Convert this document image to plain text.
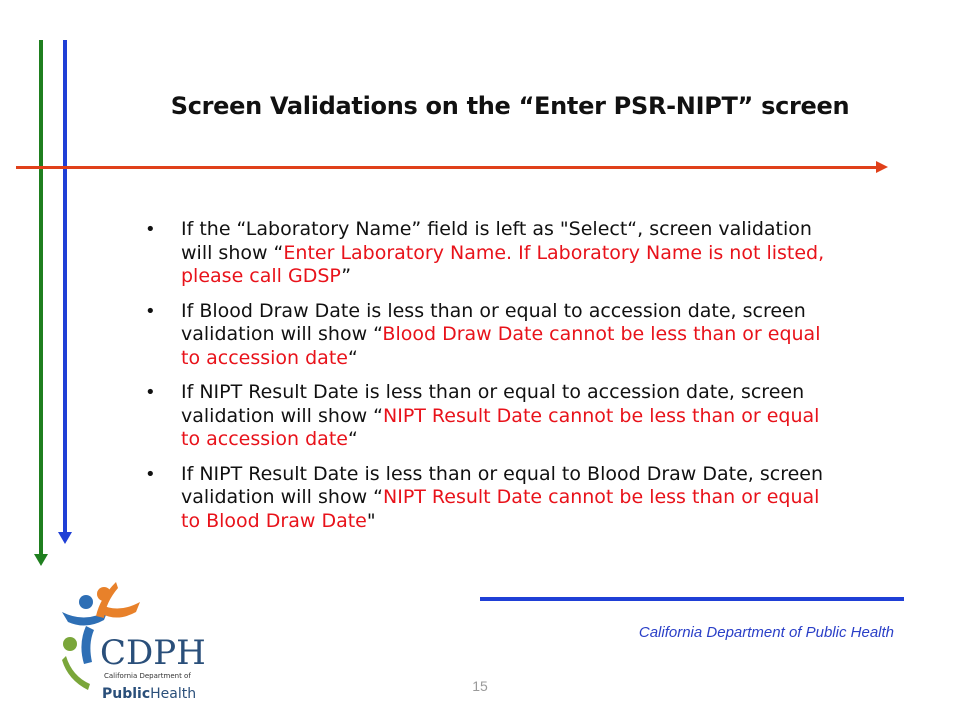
Screen Validations on the “Enter PSR-NIPT” screen
• If the “Laboratory Name” field is left as "Select“, screen validation will show “Enter Laboratory Name. If Laboratory Name is not listed, please call GDSP”
• If Blood Draw Date is less than or equal to accession date, screen validation will show “Blood Draw Date cannot be less than or equal to accession date“
• If NIPT Result Date is less than or equal to accession date, screen validation will show “NIPT Result Date cannot be less than or equal to accession date“
• If NIPT Result Date is less than or equal to Blood Draw Date, screen validation will show “NIPT Result Date cannot be less than or equal to Blood Draw Date"
CDPH
California Department of
PublicHealth
California Department of Public Health
15
